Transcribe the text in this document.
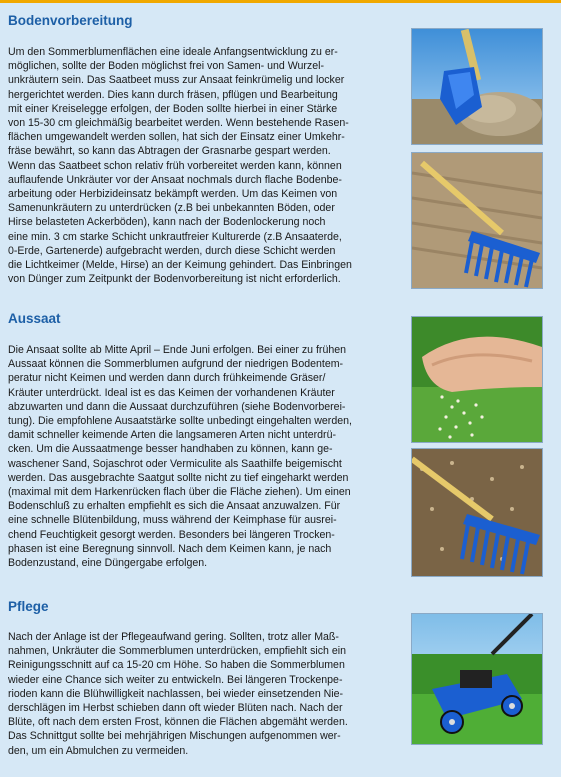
Bodenvorbereitung

Um den Sommerblumenflächen eine ideale Anfangsentwicklung zu er-
möglichen, sollte der Boden möglichst frei von Samen- und Wurzel-
unkräutern sein. Das Saatbeet muss zur Ansaat feinkrümelig und locker
hergerichtet werden. Dies kann durch fräsen, pflügen und Bearbeitung
mit einer Kreiselegge erfolgen, der Boden sollte hierbei in einer Stärke
von 15-30 cm gleichmäßig bearbeitet werden. Wenn bestehende Rasen-
flächen umgewandelt werden sollen, hat sich der Einsatz einer Umkehr-
fräse bewährt, so kann das Abtragen der Grasnarbe gespart werden.
Wenn das Saatbeet schon relativ früh vorbereitet werden kann, können
auflaufende Unkräuter vor der Ansaat nochmals durch flache Bodenbe-
arbeitung oder Herbizideinsatz bekämpft werden. Um das Keimen von
Samenunkräutern zu unterdrücken (z.B bei unbekannten Böden, oder
Hirse belasteten Ackerböden), kann nach der Bodenlockerung noch
eine min. 3 cm starke Schicht unkrautfreier Kulturerde (z.B Ansaaterde,
0-Erde, Gartenerde) aufgebracht werden, durch diese Schicht werden
die Lichtkeimer (Melde, Hirse) an der Keimung gehindert. Das Einbringen
von Dünger zum Zeitpunkt der Bodenvorbereitung ist nicht erforderlich.

Aussaat

Die Ansaat sollte ab Mitte April – Ende Juni erfolgen. Bei einer zu frühen
Aussaat können die Sommerblumen aufgrund der niedrigen Bodentem-
peratur nicht Keimen und werden dann durch frühkeimende Gräser/
Kräuter unterdrückt. Ideal ist es das Keimen der vorhandenen Kräuter
abzuwarten und dann die Aussaat durchzuführen (siehe Bodenvorberei-
tung). Die empfohlene Ausaatstärke sollte unbedingt eingehalten werden,
damit schneller keimende Arten die langsameren Arten nicht unterdrü-
cken. Um die Aussaatmenge besser handhaben zu können, kann ge-
waschener Sand, Sojaschrot oder Vermiculite als Saathilfe beigemischt
werden. Das ausgebrachte Saatgut sollte nicht zu tief eingeharkt werden
(maximal mit dem Harkenrücken flach über die Fläche ziehen). Um einen
Bodenschluß zu erhalten empfiehlt es sich die Ansaat anzuwalzen. Für
eine schnelle Blütenbildung, muss während der Keimphase für ausrei-
chend Feuchtigkeit gesorgt werden. Besonders bei längeren Trocken-
phasen ist eine Beregnung sinnvoll. Nach dem Keimen kann, je nach
Bodenzustand, eine Düngergabe erfolgen.

Pflege

Nach der Anlage ist der Pflegeaufwand gering. Sollten, trotz aller Maß-
nahmen, Unkräuter die Sommerblumen unterdrücken, empfiehlt sich ein
Reinigungsschnitt auf ca 15-20 cm Höhe. So haben die Sommerblumen
wieder eine Chance sich weiter zu entwickeln. Bei längeren Trockenpe-
rioden kann die Blühwilligkeit nachlassen, bei wieder einsetzenden Nie-
derschlägen im Herbst schieben dann oft wieder Blüten nach. Nach der
Blüte, oft nach dem ersten Frost, können die Flächen abgemäht werden.
Das Schnittgut sollte bei mehrjährigen Mischungen aufgenommen wer-
den, um ein Abmulchen zu vermeiden.
